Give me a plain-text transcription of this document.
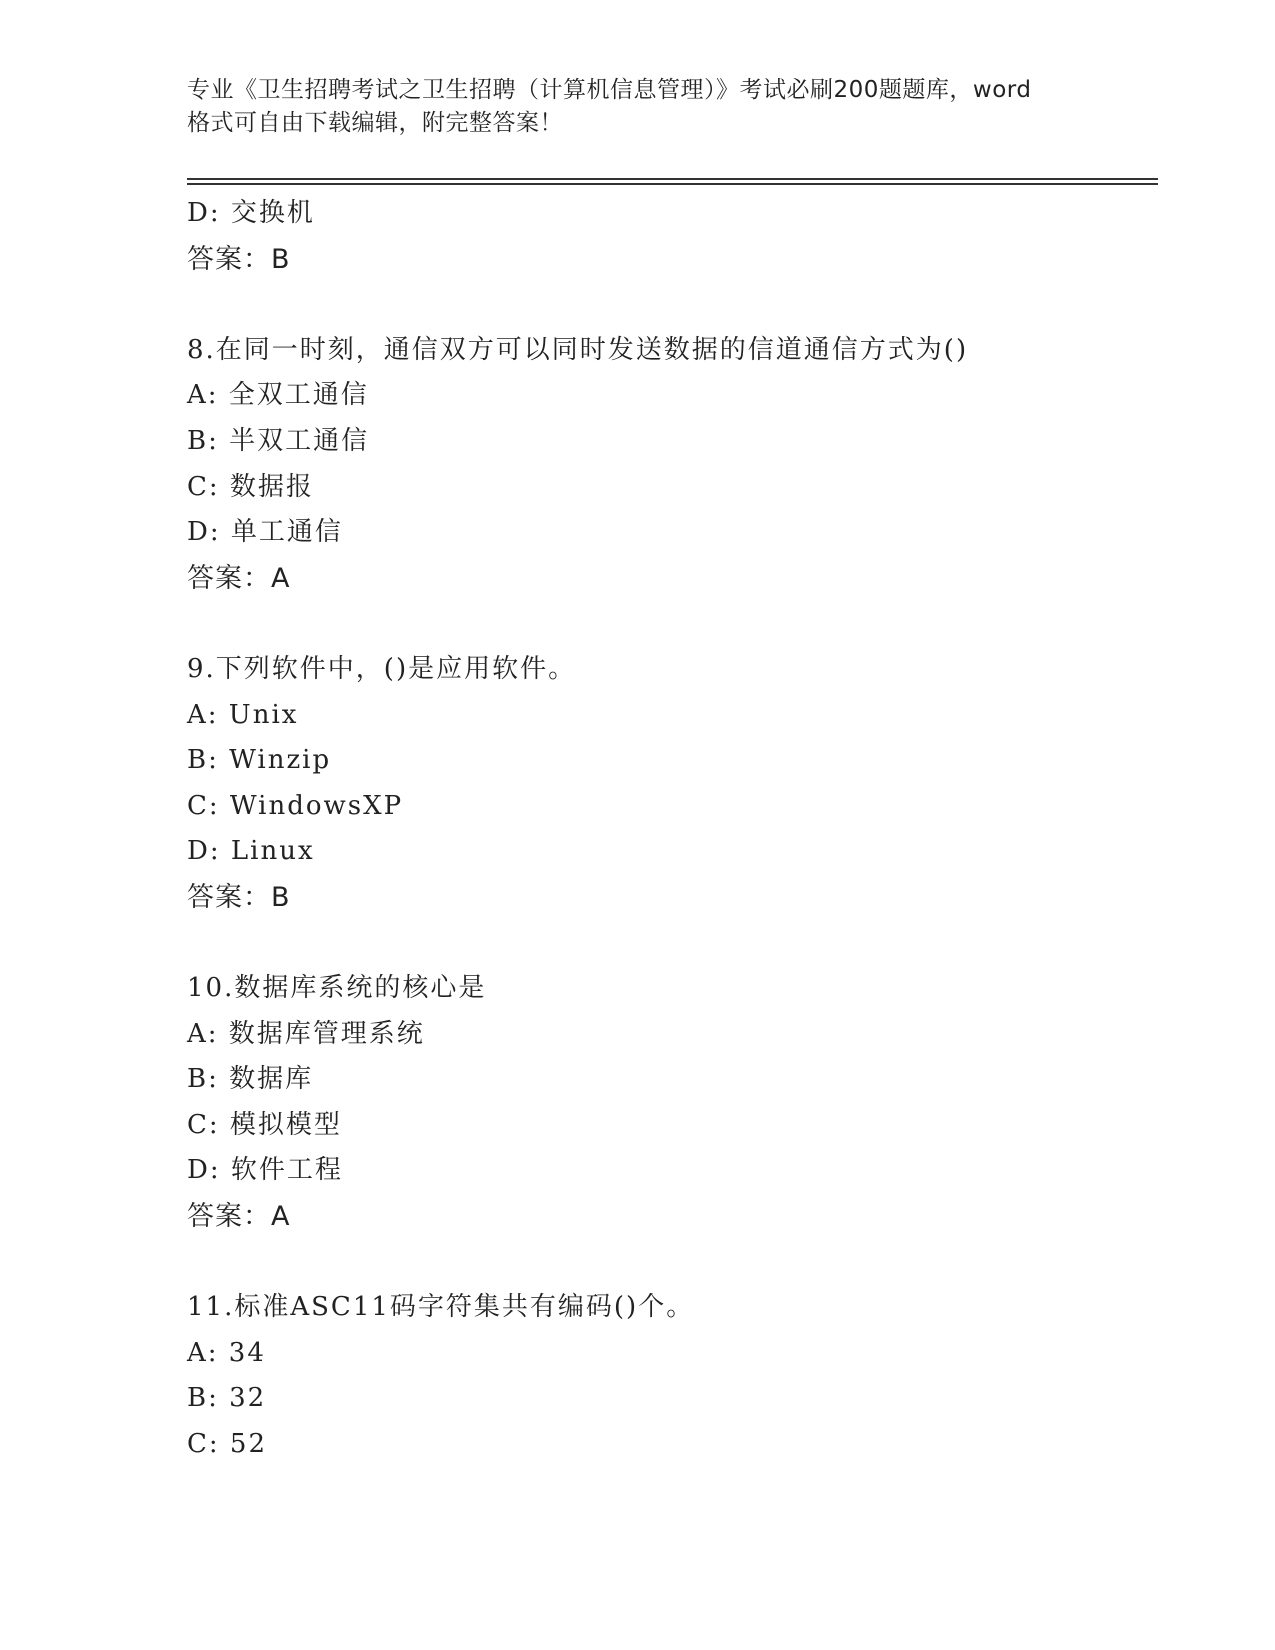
专业《卫生招聘考试之卫生招聘（计算机信息管理）》考试必刷200题题库，word
格式可自由下载编辑，附完整答案！
D: 交换机
答案：B
8.在同一时刻，通信双方可以同时发送数据的信道通信方式为()
A: 全双工通信
B: 半双工通信
C: 数据报
D: 单工通信
答案：A
9.下列软件中，()是应用软件。
A: Unix
B: Winzip
C: WindowsXP
D: Linux
答案：B
10.数据库系统的核心是
A: 数据库管理系统
B: 数据库
C: 模拟模型
D: 软件工程
答案：A
11.标准ASC11码字符集共有编码()个。
A: 34
B: 32
C: 52
